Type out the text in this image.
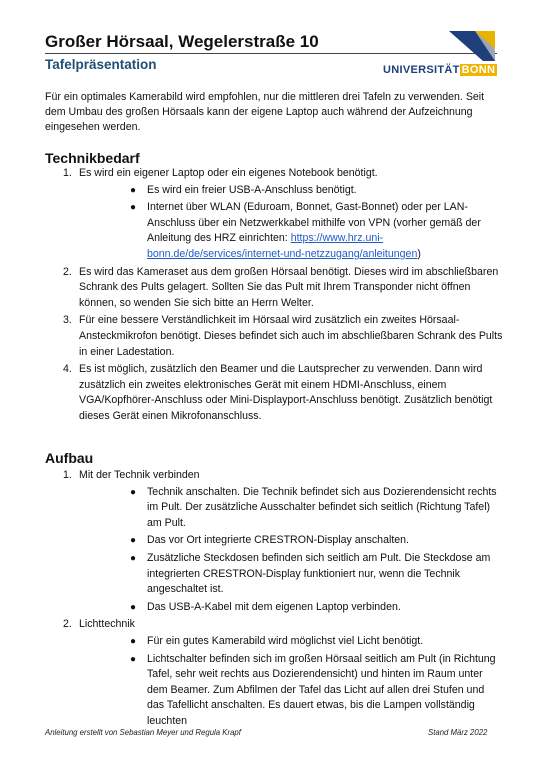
Großer Hörsaal, Wegelerstraße 10
Tafelpräsentation	UNIVERSITÄT BONN

Für ein optimales Kamerabild wird empfohlen, nur die mittleren drei Tafeln zu verwenden. Seit dem Umbau des großen Hörsaals kann der eigene Laptop auch während der Aufzeichnung eingesehen werden.

Technikbedarf
1. Es wird ein eigener Laptop oder ein eigenes Notebook benötigt.
● Es wird ein freier USB-A-Anschluss benötigt.
● Internet über WLAN (Eduroam, Bonnet, Gast-Bonnet) oder per LAN-Anschluss über ein Netzwerkkabel mithilfe von VPN (vorher gemäß der Anleitung des HRZ einrichten: https://www.hrz.uni-bonn.de/de/services/internet-und-netzzugang/anleitungen)
2. Es wird das Kameraset aus dem großen Hörsaal benötigt. Dieses wird im abschließbaren Schrank des Pults gelagert. Sollten Sie das Pult mit Ihrem Transponder nicht öffnen können, so wenden Sie sich bitte an Herrn Welter.
3. Für eine bessere Verständlichkeit im Hörsaal wird zusätzlich ein zweites Hörsaal-Ansteckmikrofon benötigt. Dieses befindet sich auch im abschließbaren Schrank des Pults in einer Ladestation.
4. Es ist möglich, zusätzlich den Beamer und die Lautsprecher zu verwenden. Dann wird zusätzlich ein zweites elektronisches Gerät mit einem HDMI-Anschluss, einem VGA/Kopfhörer-Anschluss oder Mini-Displayport-Anschluss benötigt. Zusätzlich benötigt dieses Gerät einen Mikrofonanschluss.
Aufbau
1. Mit der Technik verbinden
● Technik anschalten. Die Technik befindet sich aus Dozierendensicht rechts im Pult. Der zusätzliche Ausschalter befindet sich seitlich (Richtung Tafel) am Pult.
● Das vor Ort integrierte CRESTRON-Display anschalten.
● Zusätzliche Steckdosen befinden sich seitlich am Pult. Die Steckdose am integrierten CRESTRON-Display funktioniert nur, wenn die Technik angeschaltet ist.
● Das USB-A-Kabel mit dem eigenen Laptop verbinden.
2. Lichttechnik
● Für ein gutes Kamerabild wird möglichst viel Licht benötigt.
● Lichtschalter befinden sich im großen Hörsaal seitlich am Pult (in Richtung Tafel, sehr weit rechts aus Dozierendensicht) und hinten im Raum unter dem Beamer. Zum Abfilmen der Tafel das Licht auf allen drei Stufen und das Tafellicht anschalten. Es dauert etwas, bis die Lampen vollständig leuchten
Anleitung erstellt von Sebastian Meyer und Regula Krapf	Stand März 2022
